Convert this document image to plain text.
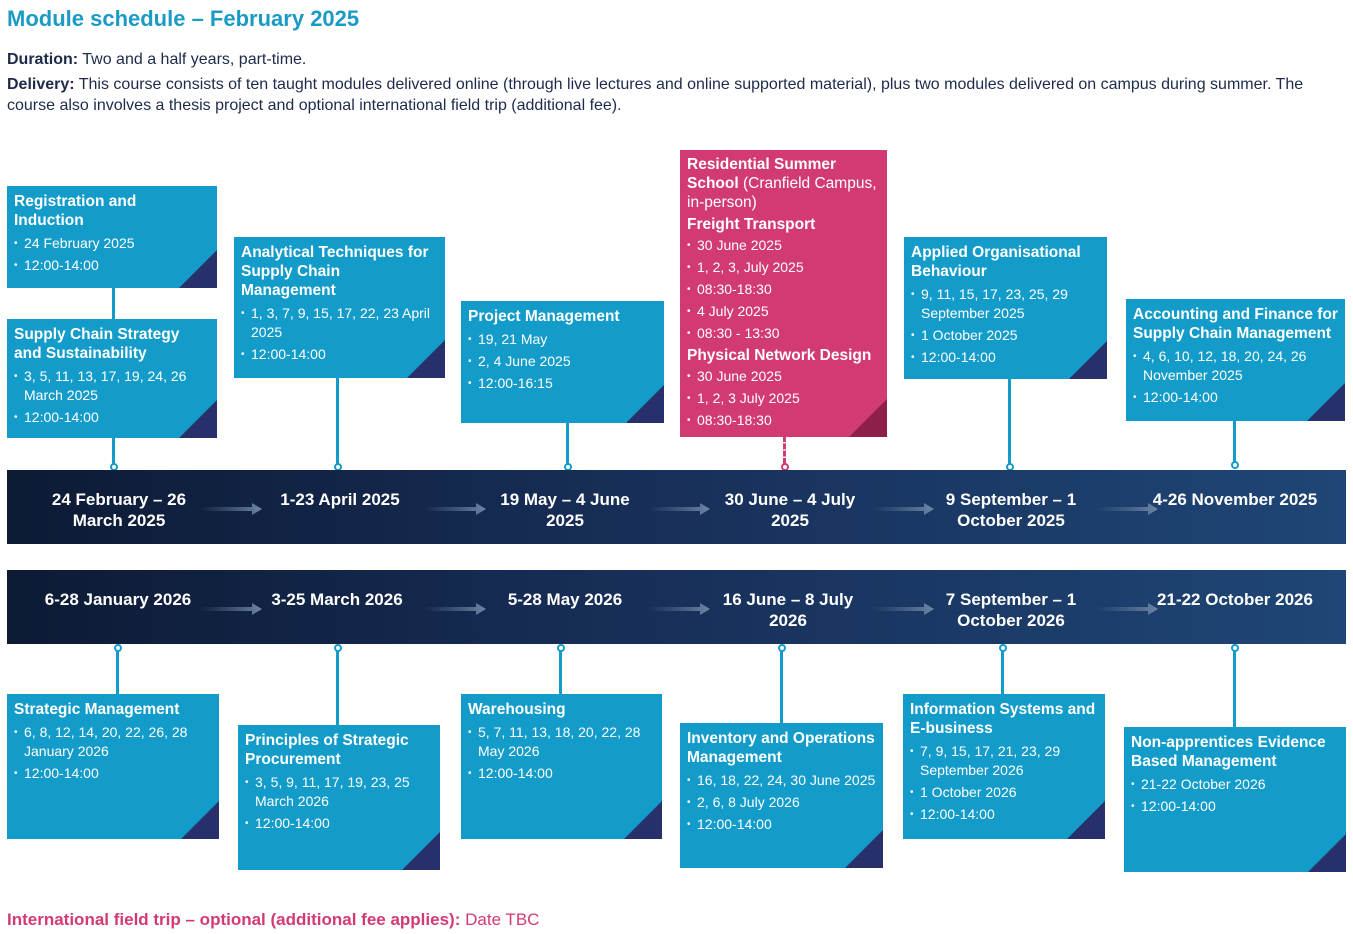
Module schedule – February 2025
Duration: Two and a half years, part-time.
Delivery: This course consists of ten taught modules delivered online (through live lectures and online supported material), plus two modules delivered on campus during summer. The course also involves a thesis project and optional international field trip (additional fee).
Registration and Induction
• 24 February 2025
• 12:00-14:00
Supply Chain Strategy and Sustainability
• 3, 5, 11, 13, 17, 19, 24, 26 March 2025
• 12:00-14:00
Analytical Techniques for Supply Chain Management
• 1, 3, 7, 9, 15, 17, 22, 23 April 2025
• 12:00-14:00
Project Management
• 19, 21 May
• 2, 4 June 2025
• 12:00-16:15
Residential Summer School (Cranfield Campus, in-person)
Freight Transport
• 30 June 2025
• 1, 2, 3, July 2025
• 08:30-18:30
• 4 July 2025
• 08:30 - 13:30
Physical Network Design
• 30 June 2025
• 1, 2, 3 July 2025
• 08:30-18:30
Applied Organisational Behaviour
• 9, 11, 15, 17, 23, 25, 29 September 2025
• 1 October 2025
• 12:00-14:00
Accounting and Finance for Supply Chain Management
• 4, 6, 10, 12, 18, 20, 24, 26 November 2025
• 12:00-14:00
24 February – 26 March 2025
1-23 April 2025	19 May – 4 June 2025
30 June – 4 July 2025
9 September – 1 October 2025
4-26 November 2025
6-28 January 2026	3-25 March 2026	5-28 May 2026	16 June – 8 July 2026
7 September – 1 October 2026
21-22 October 2026
Strategic Management
• 6, 8, 12, 14, 20, 22, 26, 28 January 2026
• 12:00-14:00
Principles of Strategic Procurement
• 3, 5, 9, 11, 17, 19, 23, 25 March 2026
• 12:00-14:00
Warehousing
• 5, 7, 11, 13, 18, 20, 22, 28 May 2026
• 12:00-14:00
Inventory and Operations Management
• 16, 18, 22, 24, 30 June 2025
• 2, 6, 8 July 2026
• 12:00-14:00
Information Systems and E-business
• 7, 9, 15, 17, 21, 23, 29 September 2026
• 1 October 2026
• 12:00-14:00
Non-apprentices Evidence Based Management
• 21-22 October 2026
• 12:00-14:00
International field trip – optional (additional fee applies): Date TBC
